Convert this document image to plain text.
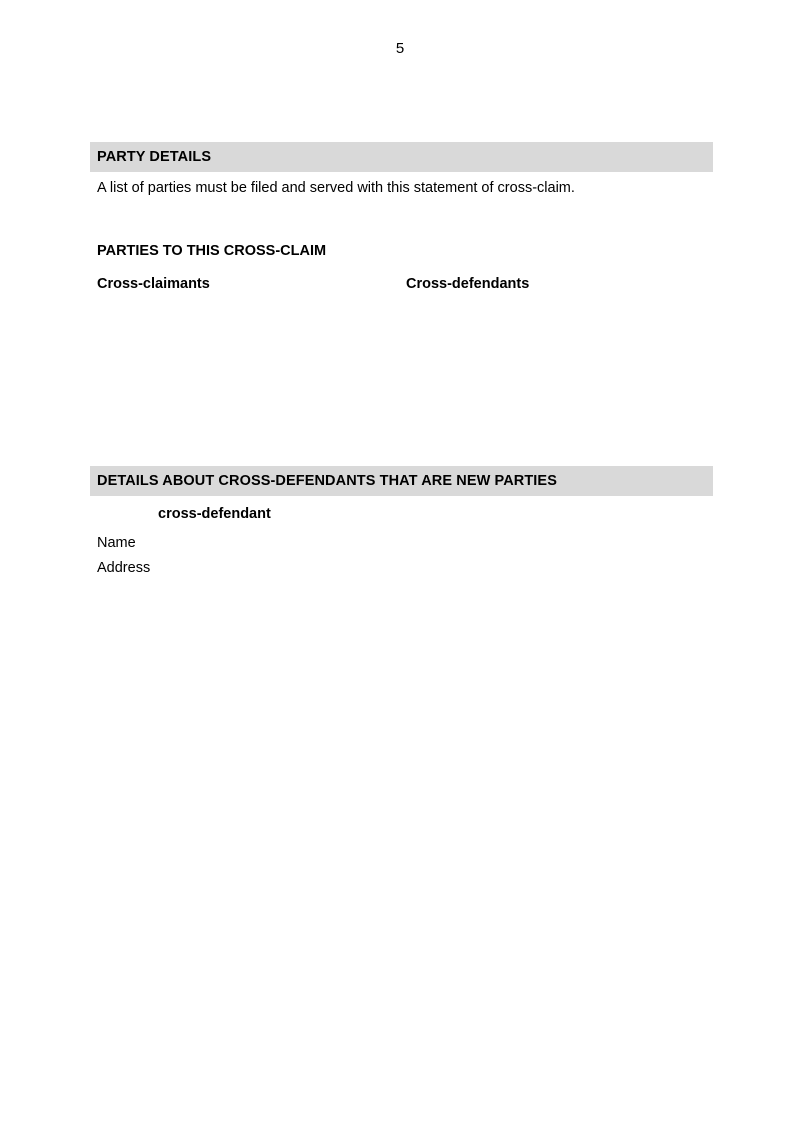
5
PARTY DETAILS
A list of parties must be filed and served with this statement of cross-claim.
PARTIES TO THIS CROSS-CLAIM
Cross-claimants	Cross-defendants
DETAILS ABOUT CROSS-DEFENDANTS THAT ARE NEW PARTIES
cross-defendant
Name
Address
